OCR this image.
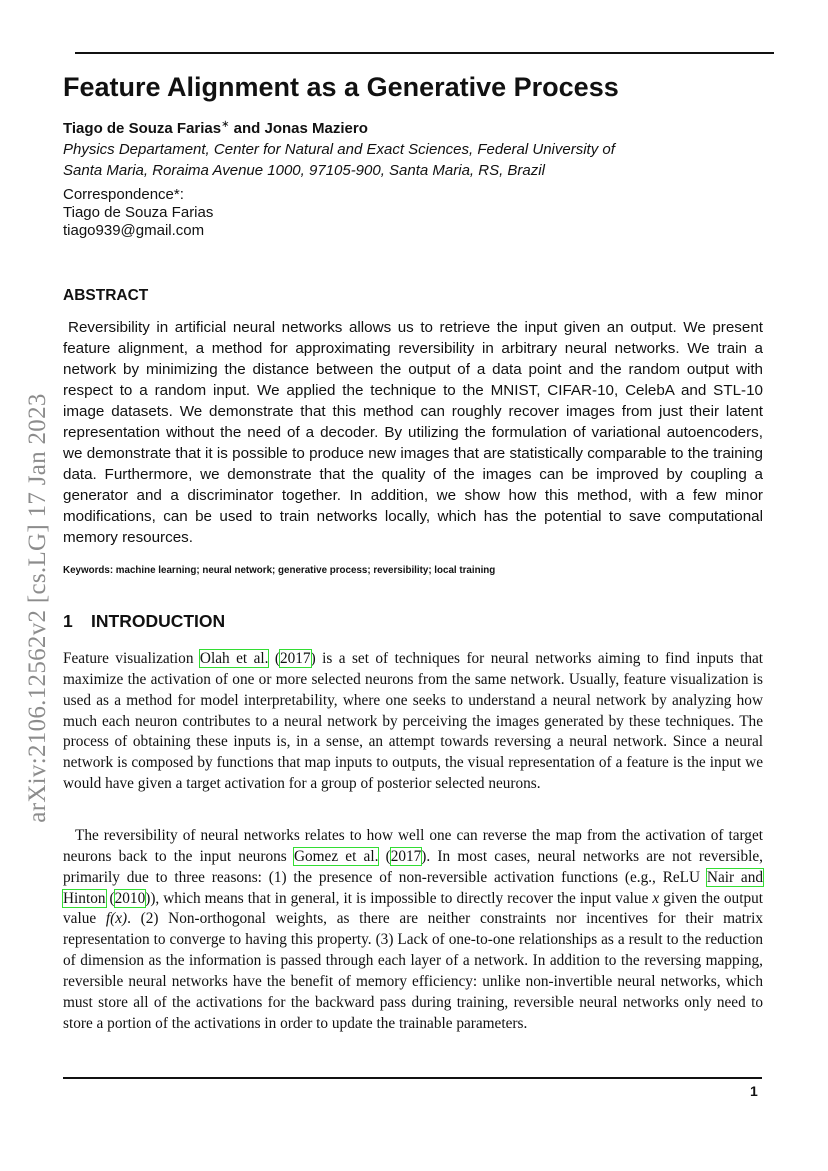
arXiv:2106.12562v2 [cs.LG] 17 Jan 2023
Feature Alignment as a Generative Process
Tiago de Souza Farias∗ and Jonas Maziero
Physics Departament, Center for Natural and Exact Sciences, Federal University of
Santa Maria, Roraima Avenue 1000, 97105-900, Santa Maria, RS, Brazil
Correspondence*:
Tiago de Souza Farias
tiago939@gmail.com
ABSTRACT

Reversibility in artificial neural networks allows us to retrieve the input given an output. We present feature alignment, a method for approximating reversibility in arbitrary neural networks. We train a network by minimizing the distance between the output of a data point and the random output with respect to a random input. We applied the technique to the MNIST, CIFAR-10, CelebA and STL-10 image datasets. We demonstrate that this method can roughly recover images from just their latent representation without the need of a decoder. By utilizing the formulation of variational autoencoders, we demonstrate that it is possible to produce new images that are statistically comparable to the training data. Furthermore, we demonstrate that the quality of the images can be improved by coupling a generator and a discriminator together. In addition, we show how this method, with a few minor modifications, can be used to train networks locally, which has the potential to save computational memory resources.

Keywords: machine learning; neural network; generative process; reversibility; local training

1 INTRODUCTION

Feature visualization Olah et al. (2017) is a set of techniques for neural networks aiming to find inputs that maximize the activation of one or more selected neurons from the same network. Usually, feature visualization is used as a method for model interpretability, where one seeks to understand a neural network by analyzing how much each neuron contributes to a neural network by perceiving the images generated by these techniques. The process of obtaining these inputs is, in a sense, an attempt towards reversing a neural network. Since a neural network is composed by functions that map inputs to outputs, the visual representation of a feature is the input we would have given a target activation for a group of posterior selected neurons.

The reversibility of neural networks relates to how well one can reverse the map from the activation of target neurons back to the input neurons Gomez et al. (2017). In most cases, neural networks are not reversible, primarily due to three reasons: (1) the presence of non-reversible activation functions (e.g., ReLU Nair and Hinton (2010)), which means that in general, it is impossible to directly recover the input value x given the output value f(x). (2) Non-orthogonal weights, as there are neither constraints nor incentives for their matrix representation to converge to having this property. (3) Lack of one-to-one relationships as a result to the reduction of dimension as the information is passed through each layer of a network. In addition to the reversing mapping, reversible neural networks have the benefit of memory efficiency: unlike non-invertible neural networks, which must store all of the activations for the backward pass during training, reversible neural networks only need to store a portion of the activations in order to update the trainable parameters.

1
